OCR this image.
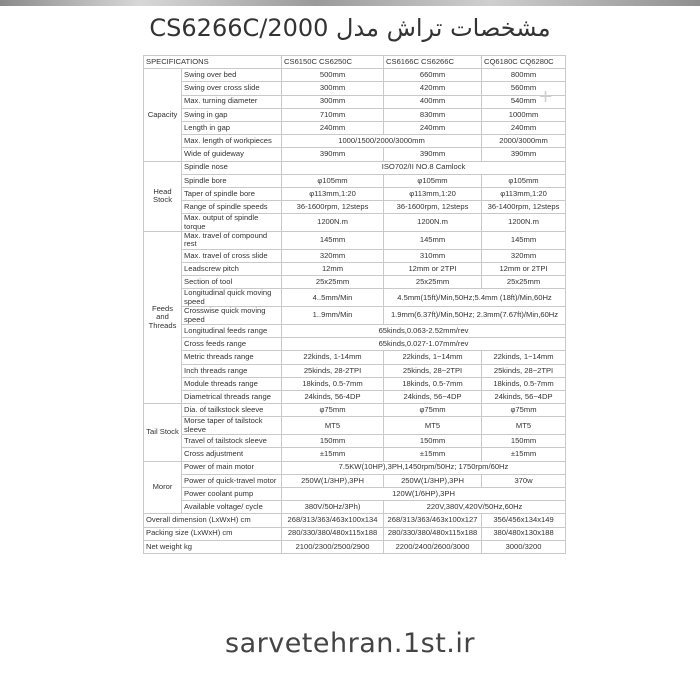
مشخصات تراش مدل CS6266C/2000
SPECIFICATIONS		CS6150C CS6250C	CS6166C CS6266C	CQ6180C CQ6280C
Capacity	Swing over bed	500mm	660mm	800mm
	Swing over cross slide	300mm	420mm	560mm
	Max. turning diameter	300mm	400mm	540mm
	Swing in gap	710mm	830mm	1000mm
	Length in gap	240mm	240mm	240mm
	Max. length of workpieces	1000/1500/2000/3000mm		2000/3000mm
	Wide of guideway	390mm	390mm	390mm
Head Stock	Spindle nose	ISO702/II NO.8 Camlock		
	Spindle bore	φ105mm	φ105mm	φ105mm
	Taper of spindle bore	φ113mm,1:20	φ113mm,1:20	φ113mm,1:20
	Range of spindle speeds	36-1600rpm, 12steps	36-1600rpm, 12steps	36-1400rpm, 12steps
	Max. output of spindle torque	1200N.m	1200N.m	1200N.m
Feeds and Threads	Max. travel of compound rest	145mm	145mm	145mm
	Max. travel of cross slide	320mm	310mm	320mm
	Leadscrew pitch	12mm	12mm or 2TPI	12mm or 2TPI
	Section of tool	25x25mm	25x25mm	25x25mm
	Longitudinal quick moving speed	4..5mm/Min	4.5mm(15ft)/Min,50Hz;5.4mm (18ft)/Min,60Hz	
	Crosswise quick moving speed	1..9mm/Min	1.9mm(6.37ft)/Min,50Hz; 2.3mm(7.67ft)/Min,60Hz	
	Longitudinal feeds range	65kinds,0.063-2.52mm/rev		
	Cross feeds range	65kinds,0.027-1.07mm/rev		
	Metric threads range	22kinds, 1-14mm	22kinds, 1~14mm	22kinds, 1~14mm
	Inch threads range	25kinds, 28-2TPI	25kinds, 28~2TPI	25kinds, 28~2TPI
	Module threads range	18kinds, 0.5-7mm	18kinds, 0.5-7mm	18kinds, 0.5-7mm
	Diametrical threads range	24kinds, 56-4DP	24kinds, 56~4DP	24kinds, 56~4DP
Tail Stock	Dia. of tailkstock sleeve	φ75mm	φ75mm	φ75mm
	Morse taper of tailstock sleeve	MT5	MT5	MT5
	Travel of tailstock sleeve	150mm	150mm	150mm
	Cross adjustment	±15mm	±15mm	±15mm
Moror	Power of main motor	7.5KW(10HP),3PH,1450rpm/50Hz; 1750rpm/60Hz		
	Power of quick-travel motor	250W(1/3HP),3PH	250W(1/3HP),3PH	370w
	Power coolant pump	120W(1/6HP),3PH		
	Available voltage/ cycle	380V/50Hz/3Ph)	220V,380V,420V/50Hz,60Hz	
Overall dimension (LxWxH) cm		268/313/363/463x100x134	268/313/363/463x100x127	356/456x134x149
Packing size (LxWxH) cm		280/330/380/480x115x188	280/330/380/480x115x188	380/480x130x188
Net weight kg		2100/2300/2500/2900	2200/2400/2600/3000	3000/3200
+
sarvetehran.1st.ir
